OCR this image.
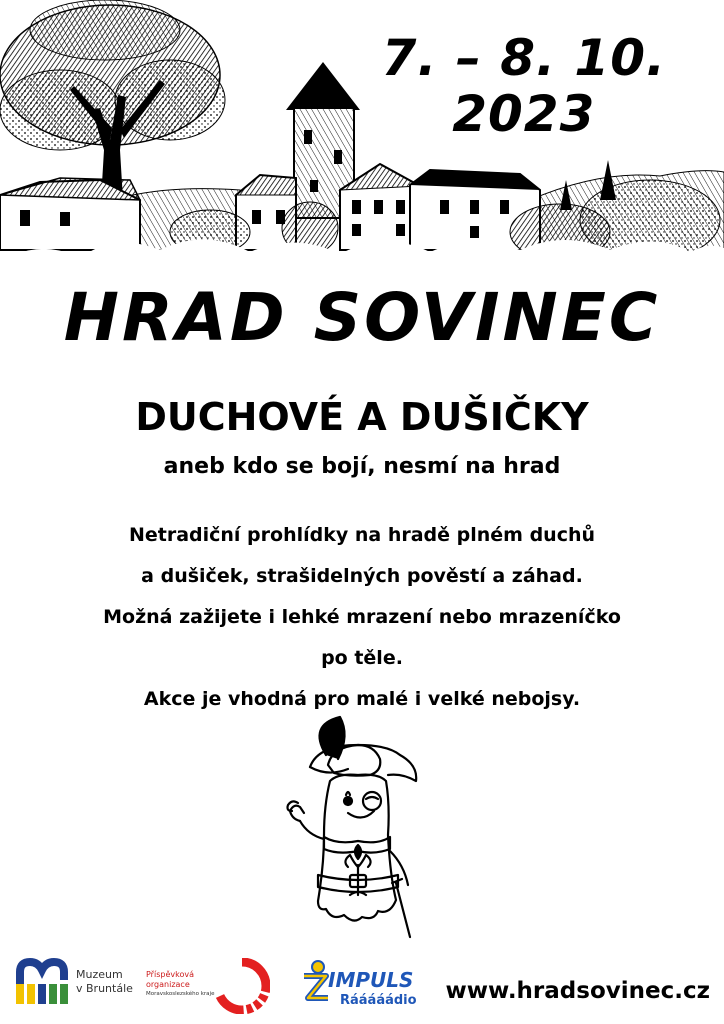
7. – 8. 10.
2023
HRAD SOVINEC
DUCHOVÉ A DUŠIČKY
aneb kdo se bojí, nesmí na hrad
Netradiční prohlídky na hradě plném duchů
a dušiček, strašidelných pověstí a záhad.
Možná zažijete i lehké mrazení nebo mrazeníčko
po těle.
Akce je vhodná pro malé i velké nebojsy.
Muzeum
v Bruntále
Příspěvková organizace
Moravskoslezského kraje
IMPULS
Rááááádio www.hradsovinec.cz
